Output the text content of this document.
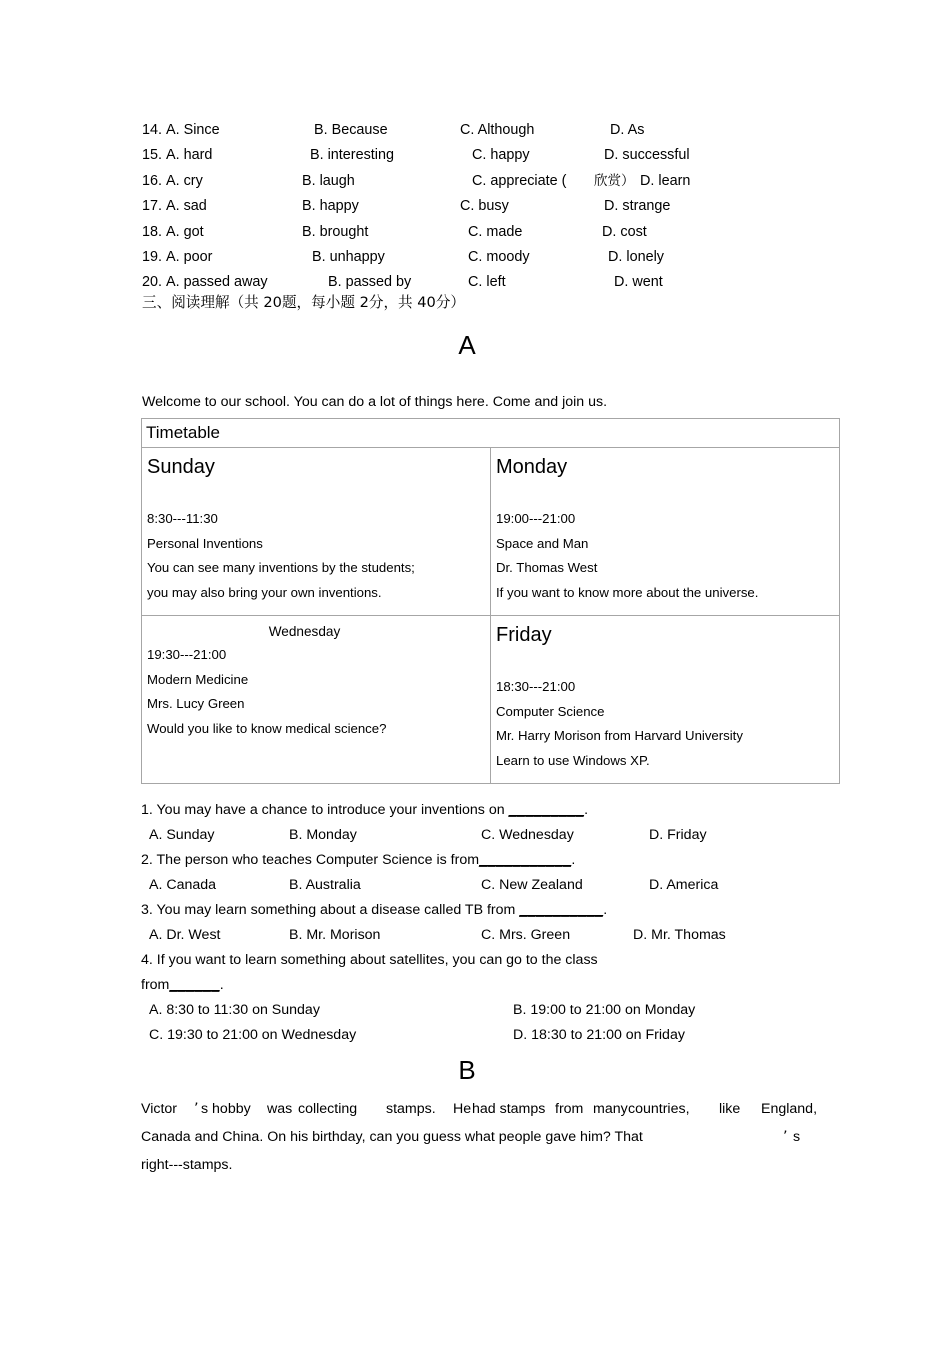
14. A. Since	B. Because	C. Although	D. As
15. A. hard	B. interesting	C. happy	D. successful
16. A. cry	B. laugh	C. appreciate ( 欣赏） D. learn
17. A. sad	B. happy	C. busy	D. strange
18. A. got	B. brought	C. made	D. cost
19. A. poor	B. unhappy	C. moody	D. lonely
20. A. passed away	B. passed by	C. left	D. went
三、阅读理解（共 20题，每小题 2分，共 40分）
A
Welcome to our school. You can do a lot of things here. Come and join us.
Timetable	

Sunday
8:30---11:30
Personal Inventions
You can see many inventions by the students;
you may also bring your own inventions.

Monday
19:00---21:00
Space and Man
Dr. Thomas West
If you want to know more about the universe.

Wednesday
19:30---21:00
Modern Medicine
Mrs. Lucy Green
Would you like to know medical science?

Friday
18:30---21:00
Computer Science
Mr. Harry Morison from Harvard University
Learn to use Windows XP.
1. You may have a chance to introduce your inventions on _________.
A. Sunday	B. Monday	C. Wednesday	D. Friday
2. The person who teaches Computer Science is from___________.
A. Canada	B. Australia	C. New Zealand	D. America
3. You may learn something about a disease called TB from __________.
A. Dr. West	B. Mr. Morison	C. Mrs. Green	D. Mr. Thomas
4. If you want to learn something about satellites, you can go to the class
from______.
A. 8:30 to 11:30 on Sunday	B. 19:00 to 21:00 on Monday
C. 19:30 to 21:00 on Wednesday	D. 18:30 to 21:00 on Friday
B
Victor ’ s hobby was collecting stamps. He had stamps from many countries, like England,
Canada and China. On his birthday, can you guess what people gave him? That	’ s
right---stamps.
